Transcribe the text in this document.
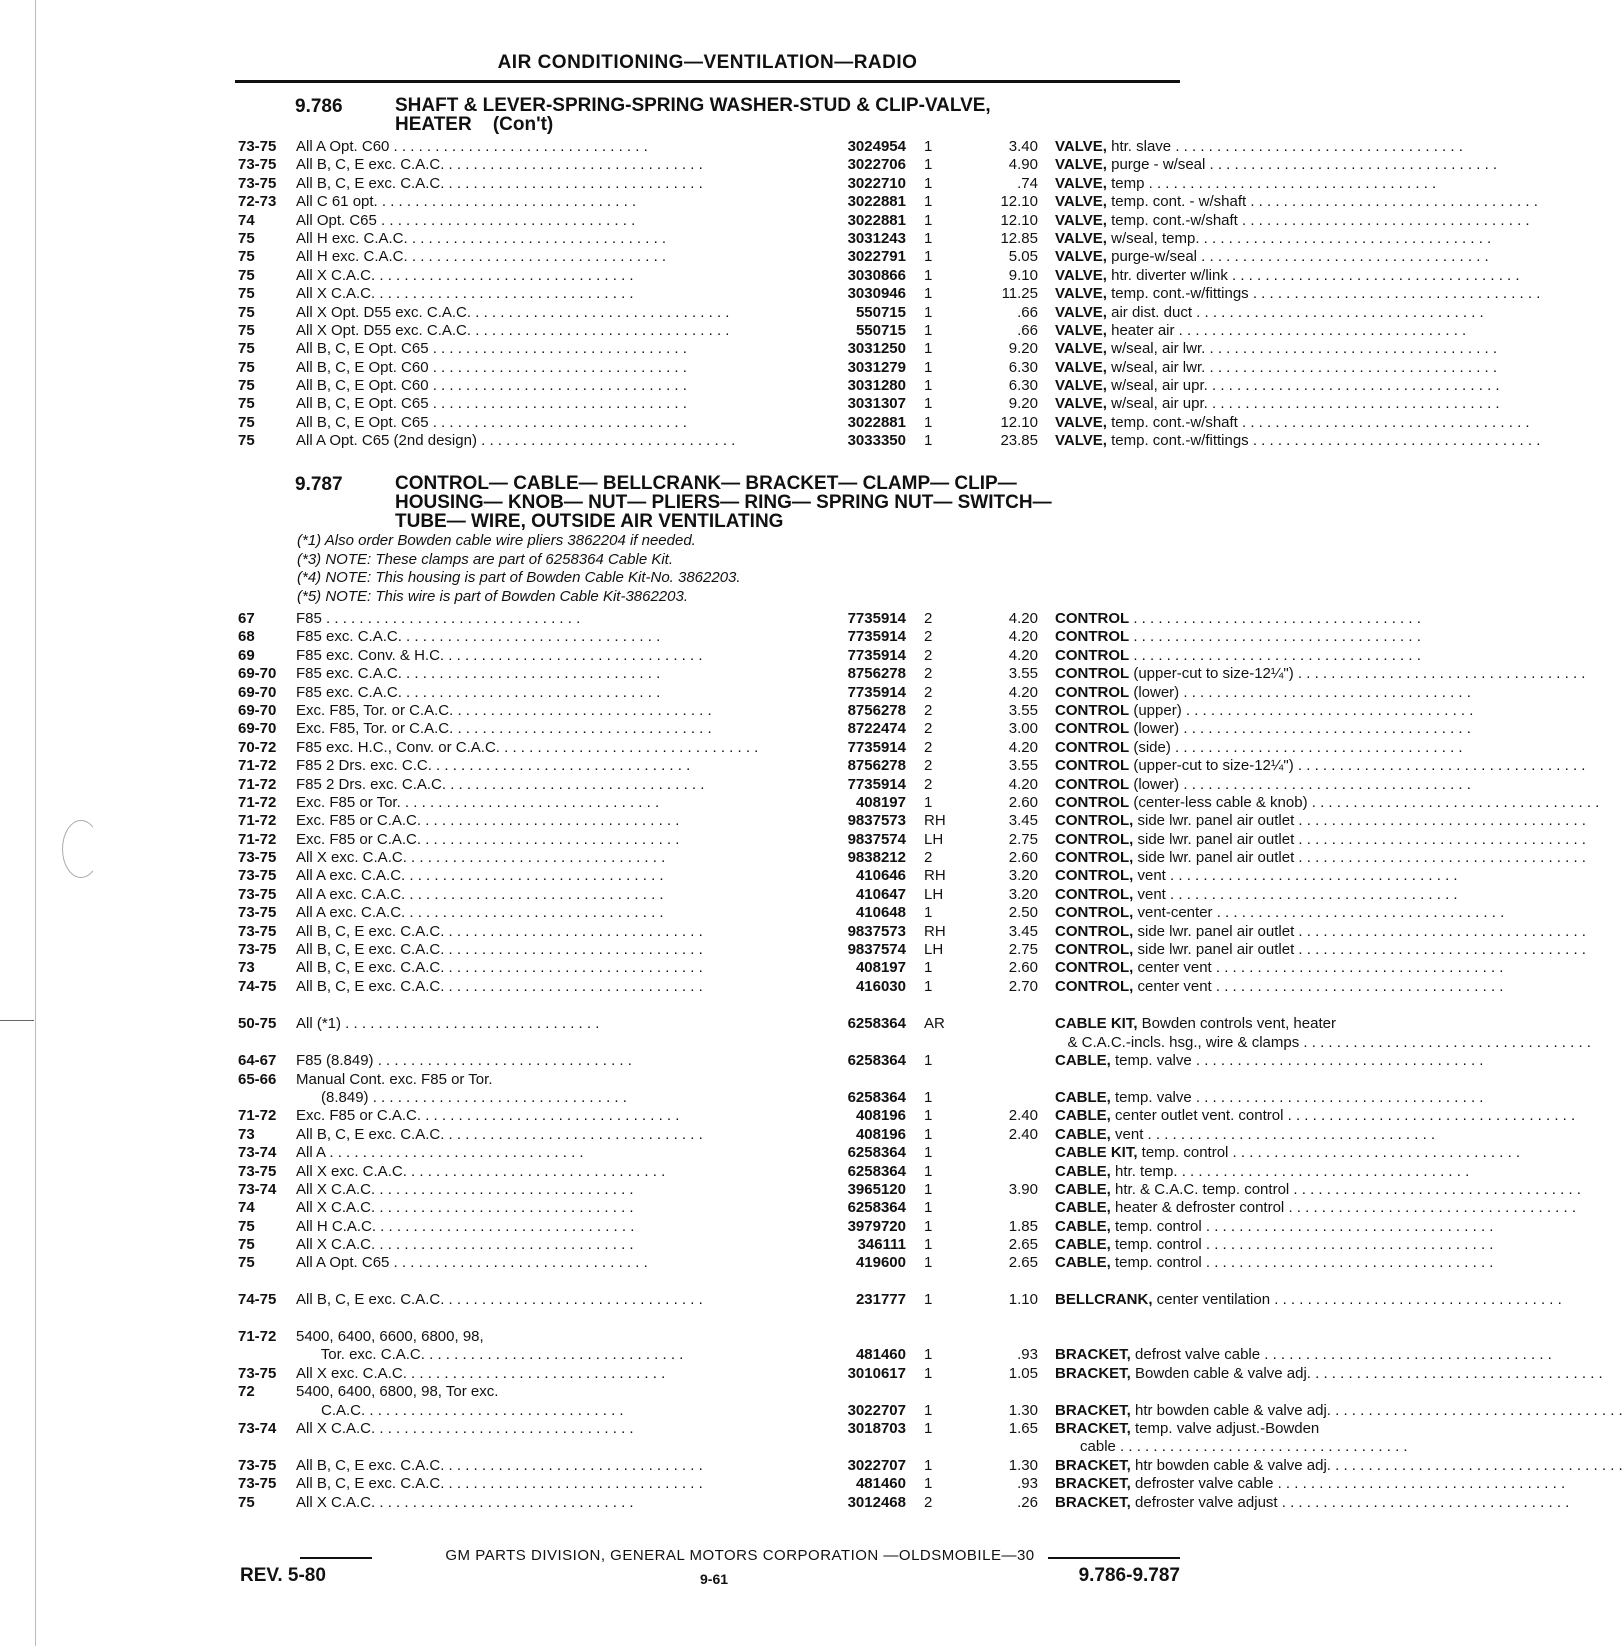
AIR CONDITIONING—VENTILATION—RADIO
9.786	SHAFT & LEVER-SPRING-SPRING WASHER-STUD & CLIP-VALVE,
HEATER    (Con't)
73-75	All A Opt. C60 . . .	3024954 1	3.40 VALVE, htr. slave . . .
73-75	All B, C, E exc. C.A.C. . . .	3022706 1	4.90 VALVE, purge - w/seal . . .
73-75	All B, C, E exc. C.A.C. . . .	3022710 1	.74 VALVE, temp . . .
72-73	All C 61 opt. . . .	3022881 1	12.10 VALVE, temp. cont. - w/shaft . . .
74	All Opt. C65 . . .	3022881 1	12.10 VALVE, temp. cont.-w/shaft . . .
75	All H exc. C.A.C. . . .	3031243 1	12.85 VALVE, w/seal, temp. . . .
75	All H exc. C.A.C. . . .	3022791 1	5.05 VALVE, purge-w/seal . . .
75	All X C.A.C. . . .	3030866 1	9.10 VALVE, htr. diverter w/link . . .
75	All X C.A.C. . . .	3030946 1	11.25 VALVE, temp. cont.-w/fittings . . .
75	All X Opt. D55 exc. C.A.C. . . .	550715 1	.66 VALVE, air dist. duct . . .
75	All X Opt. D55 exc. C.A.C. . . .	550715 1	.66 VALVE, heater air . . .
75	All B, C, E Opt. C65 . . .	3031250 1	9.20 VALVE, w/seal, air lwr. . . .
75	All B, C, E Opt. C60 . . .	3031279 1	6.30 VALVE, w/seal, air lwr. . . .
75	All B, C, E Opt. C60 . . .	3031280 1	6.30 VALVE, w/seal, air upr. . . .
75	All B, C, E Opt. C65 . . .	3031307 1	9.20 VALVE, w/seal, air upr. . . .
75	All B, C, E Opt. C65 . . .	3022881 1	12.10 VALVE, temp. cont.-w/shaft . . .
75	All A Opt. C65 (2nd design) . . .	3033350 1	23.85 VALVE, temp. cont.-w/fittings . . .
9.787	CONTROL— CABLE— BELLCRANK— BRACKET— CLAMP— CLIP—
HOUSING— KNOB— NUT— PLIERS— RING— SPRING NUT— SWITCH—
TUBE— WIRE, OUTSIDE AIR VENTILATING
(*1) Also order Bowden cable wire pliers 3862204 if needed.
(*3) NOTE: These clamps are part of 6258364 Cable Kit.
(*4) NOTE: This housing is part of Bowden Cable Kit-No. 3862203.
(*5) NOTE: This wire is part of Bowden Cable Kit-3862203.
67	F85 . . .	7735914 2	4.20 CONTROL . . .
68	F85 exc. C.A.C. . . .	7735914 2	4.20 CONTROL . . .
69	F85 exc. Conv. & H.C. . . .	7735914 2	4.20 CONTROL . . .
69-70	F85 exc. C.A.C. . . .	8756278 2	3.55 CONTROL (upper-cut to size-12¼") . . .
69-70	F85 exc. C.A.C. . . .	7735914 2	4.20 CONTROL (lower) . . .
69-70	Exc. F85, Tor. or C.A.C. . . .	8756278 2	3.55 CONTROL (upper) . . .
69-70	Exc. F85, Tor. or C.A.C. . . .	8722474 2	3.00 CONTROL (lower) . . .
70-72	F85 exc. H.C., Conv. or C.A.C. . . .	7735914 2	4.20 CONTROL (side) . . .
71-72	F85 2 Drs. exc. C.C. . . .	8756278 2	3.55 CONTROL (upper-cut to size-12¼") . . .
71-72	F85 2 Drs. exc. C.A.C. . . .	7735914 2	4.20 CONTROL (lower) . . .
71-72	Exc. F85 or Tor. . . .	408197 1	2.60 CONTROL (center-less cable & knob) . . .
71-72	Exc. F85 or C.A.C. . . .	9837573 RH	3.45 CONTROL, side lwr. panel air outlet . . .
71-72	Exc. F85 or C.A.C. . . .	9837574 LH	2.75 CONTROL, side lwr. panel air outlet . . .
73-75	All X exc. C.A.C. . . .	9838212 2	2.60 CONTROL, side lwr. panel air outlet . . .
73-75	All A exc. C.A.C. . . .	410646 RH	3.20 CONTROL, vent . . .
73-75	All A exc. C.A.C. . . .	410647 LH	3.20 CONTROL, vent . . .
73-75	All A exc. C.A.C. . . .	410648 1	2.50 CONTROL, vent-center . . .
73-75	All B, C, E exc. C.A.C. . . .	9837573 RH	3.45 CONTROL, side lwr. panel air outlet . . .
73-75	All B, C, E exc. C.A.C. . . .	9837574 LH	2.75 CONTROL, side lwr. panel air outlet . . .
73	All B, C, E exc. C.A.C. . . .	408197 1	2.60 CONTROL, center vent . . .
74-75	All B, C, E exc. C.A.C. . . .	416030 1	2.70 CONTROL, center vent . . .
50-75	All (*1) . . .	6258364 AR	CABLE KIT, Bowden controls vent, heater
& C.A.C.-incls. hsg., wire & clamps . . .
64-67	F85 (8.849) . . .	6258364 1	CABLE, temp. valve . . .
65-66	Manual Cont. exc. F85 or Tor.
(8.849) . . .	6258364 1	CABLE, temp. valve . . .
71-72	Exc. F85 or C.A.C. . . .	408196 1	2.40 CABLE, center outlet vent. control . . .
73	All B, C, E exc. C.A.C. . . .	408196 1	2.40 CABLE, vent . . .
73-74	All A . . .	6258364 1	CABLE KIT, temp. control . . .
73-75	All X exc. C.A.C. . . .	6258364 1	CABLE, htr. temp. . . .
73-74	All X C.A.C. . . .	3965120 1	3.90 CABLE, htr. & C.A.C. temp. control . . .
74	All X C.A.C. . . .	6258364 1	CABLE, heater & defroster control . . .
75	All H C.A.C. . . .	3979720 1	1.85 CABLE, temp. control . . .
75	All X C.A.C. . . .	346111 1	2.65 CABLE, temp. control . . .
75	All A Opt. C65 . . .	419600 1	2.65 CABLE, temp. control . . .
74-75	All B, C, E exc. C.A.C. . . .	231777 1	1.10 BELLCRANK, center ventilation . . .
71-72	5400, 6400, 6600, 6800, 98,
Tor. exc. C.A.C. . . .	481460 1	.93 BRACKET, defrost valve cable . . .
73-75	All X exc. C.A.C. . . .	3010617 1	1.05 BRACKET, Bowden cable & valve adj. . . .
72	5400, 6400, 6800, 98, Tor exc.
C.A.C. . . .	3022707 1	1.30 BRACKET, htr bowden cable & valve adj. . . .
73-74	All X C.A.C. . . .	3018703 1	1.65 BRACKET, temp. valve adjust.-Bowden
cable . . .
73-75	All B, C, E exc. C.A.C. . . .	3022707 1	1.30 BRACKET, htr bowden cable & valve adj. . . .
73-75	All B, C, E exc. C.A.C. . . .	481460 1	.93 BRACKET, defroster valve cable . . .
75	All X C.A.C. . . .	3012468 2	.26 BRACKET, defroster valve adjust . . .
GM PARTS DIVISION, GENERAL MOTORS CORPORATION —OLDSMOBILE—30
REV. 5-80	9-61	9.786-9.787
